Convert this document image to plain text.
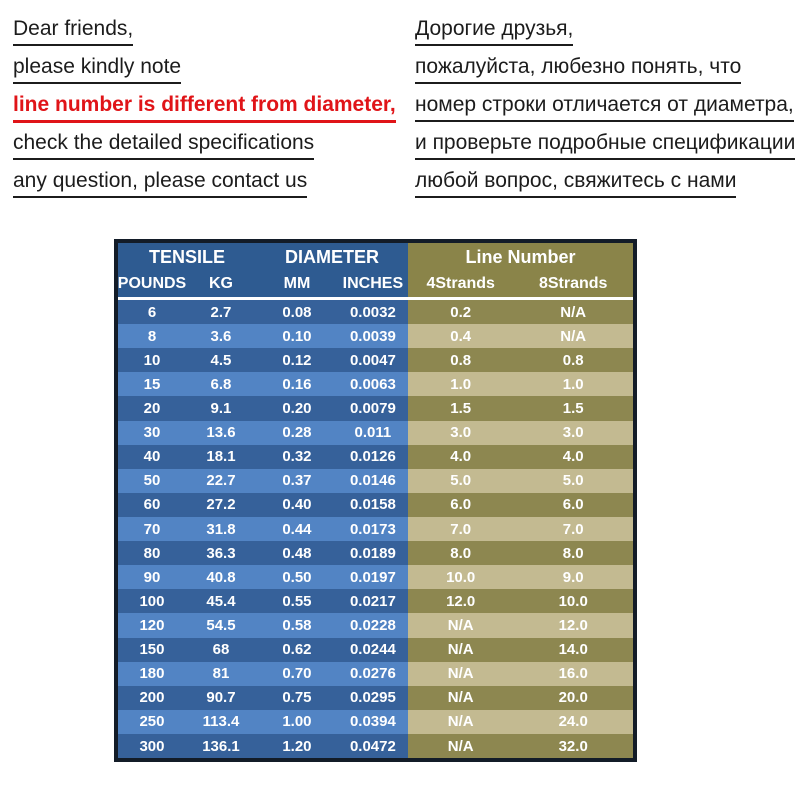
Dear friends,
please kindly note
line number is different from diameter,
check the detailed specifications
any question, please contact us
Дорогие друзья,
пожалуйста, любезно понять, что
номер строки отличается от диаметра,
и проверьте подробные спецификации
любой вопрос, свяжитесь с нами
TENSILE	DIAMETER	Line Number
POUNDS	KG	MM	INCHES	4Strands	8Strands
6	2.7	0.08	0.0032	0.2	N/A
8	3.6	0.10	0.0039	0.4	N/A
10	4.5	0.12	0.0047	0.8	0.8
15	6.8	0.16	0.0063	1.0	1.0
20	9.1	0.20	0.0079	1.5	1.5
30	13.6	0.28	0.011	3.0	3.0
40	18.1	0.32	0.0126	4.0	4.0
50	22.7	0.37	0.0146	5.0	5.0
60	27.2	0.40	0.0158	6.0	6.0
70	31.8	0.44	0.0173	7.0	7.0
80	36.3	0.48	0.0189	8.0	8.0
90	40.8	0.50	0.0197	10.0	9.0
100	45.4	0.55	0.0217	12.0	10.0
120	54.5	0.58	0.0228	N/A	12.0
150	68	0.62	0.0244	N/A	14.0
180	81	0.70	0.0276	N/A	16.0
200	90.7	0.75	0.0295	N/A	20.0
250	113.4	1.00	0.0394	N/A	24.0
300	136.1	1.20	0.0472	N/A	32.0
